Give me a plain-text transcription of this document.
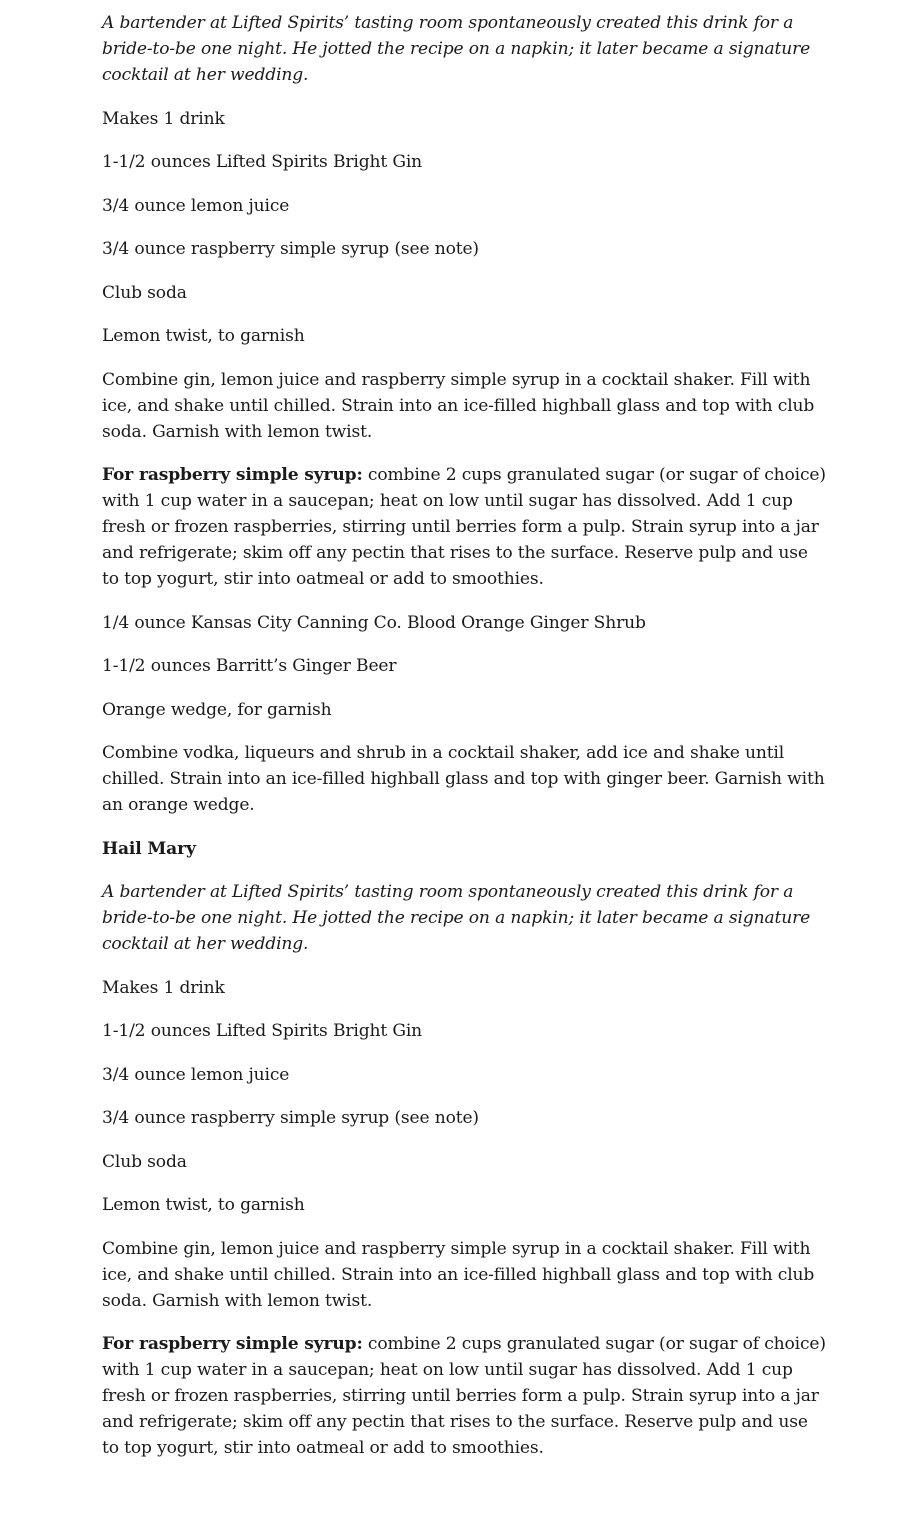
A bartender at Lifted Spirits’ tasting room spontaneously created this drink for a bride-to-be one night. He jotted the recipe on a napkin; it later became a signature cocktail at her wedding.

Makes 1 drink

1-1/2 ounces Lifted Spirits Bright Gin

3/4 ounce lemon juice

3/4 ounce raspberry simple syrup (see note)

Club soda

Lemon twist, to garnish

Combine gin, lemon juice and raspberry simple syrup in a cocktail shaker. Fill with ice, and shake until chilled. Strain into an ice-filled highball glass and top with club soda. Garnish with lemon twist.

For raspberry simple syrup: combine 2 cups granulated sugar (or sugar of choice) with 1 cup water in a saucepan; heat on low until sugar has dissolved. Add 1 cup fresh or frozen raspberries, stirring until berries form a pulp. Strain syrup into a jar and refrigerate; skim off any pectin that rises to the surface. Reserve pulp and use to top yogurt, stir into oatmeal or add to smoothies.

1/4 ounce Kansas City Canning Co. Blood Orange Ginger Shrub

1-1/2 ounces Barritt’s Ginger Beer

Orange wedge, for garnish

Combine vodka, liqueurs and shrub in a cocktail shaker, add ice and shake until chilled. Strain into an ice-filled highball glass and top with ginger beer. Garnish with an orange wedge.

Hail Mary

A bartender at Lifted Spirits’ tasting room spontaneously created this drink for a bride-to-be one night. He jotted the recipe on a napkin; it later became a signature cocktail at her wedding.

Makes 1 drink

1-1/2 ounces Lifted Spirits Bright Gin

3/4 ounce lemon juice

3/4 ounce raspberry simple syrup (see note)

Club soda

Lemon twist, to garnish

Combine gin, lemon juice and raspberry simple syrup in a cocktail shaker. Fill with ice, and shake until chilled. Strain into an ice-filled highball glass and top with club soda. Garnish with lemon twist.

For raspberry simple syrup: combine 2 cups granulated sugar (or sugar of choice) with 1 cup water in a saucepan; heat on low until sugar has dissolved. Add 1 cup fresh or frozen raspberries, stirring until berries form a pulp. Strain syrup into a jar and refrigerate; skim off any pectin that rises to the surface. Reserve pulp and use to top yogurt, stir into oatmeal or add to smoothies.
